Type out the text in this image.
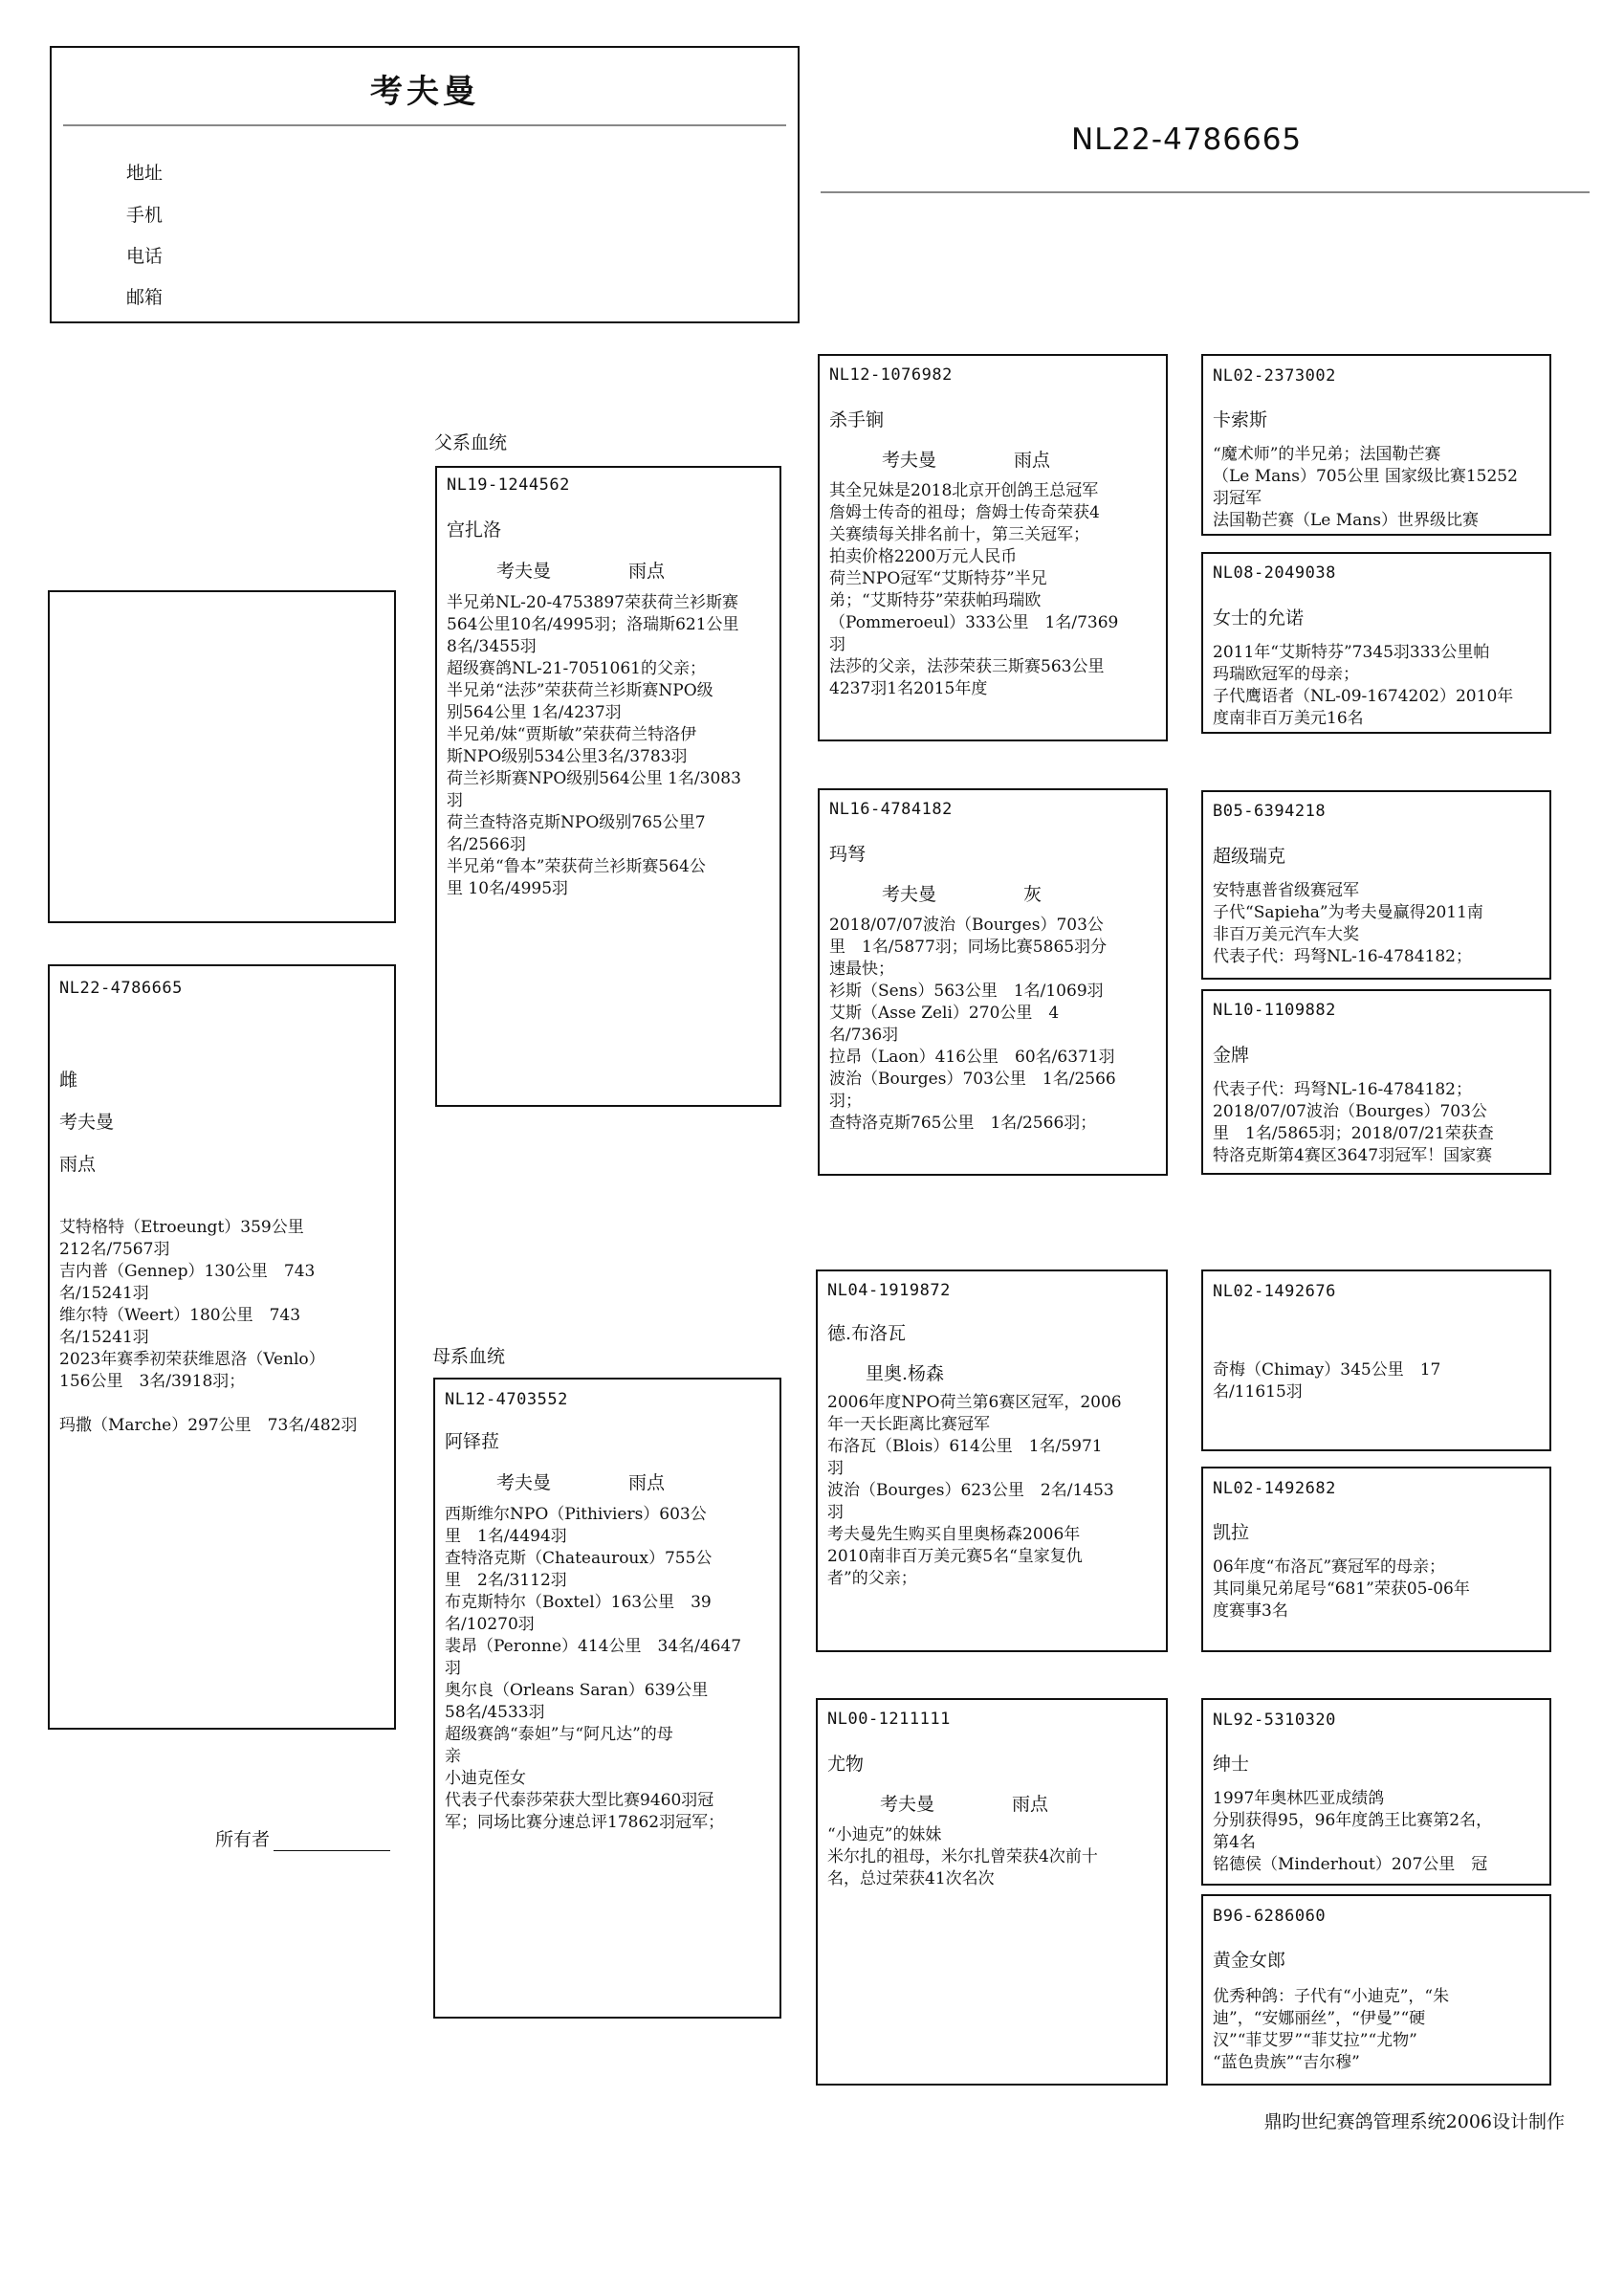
考夫曼
地址
手机
电话
邮箱
NL22-4786665
NL22-4786665
雌
考夫曼
雨点
艾特格特（Etroeungt）359公里
212名/7567羽
吉内普（Gennep）130公里　743
名/15241羽
维尔特（Weert）180公里　743
名/15241羽
2023年赛季初荣获维恩洛（Venlo）
156公里　3名/3918羽；

玛撒（Marche）297公里　73名/482羽
所有者
父系血统
母系血统
NL19-1244562
宫扎洛
考夫曼	雨点
半兄弟NL-20-4753897荣获荷兰衫斯赛
564公里10名/4995羽；洛瑞斯621公里
8名/3455羽
超级赛鸽NL-21-7051061的父亲；
半兄弟“法莎”荣获荷兰衫斯赛NPO级
别564公里 1名/4237羽
半兄弟/妹“贾斯敏”荣获荷兰特洛伊
斯NPO级别534公里3名/3783羽
荷兰衫斯赛NPO级别564公里 1名/3083
羽
荷兰查特洛克斯NPO级别765公里7
名/2566羽
半兄弟“鲁本”荣获荷兰衫斯赛564公
里 10名/4995羽
NL12-4703552
阿铎菈
考夫曼	雨点
西斯维尔NPO（Pithiviers）603公
里　1名/4494羽
查特洛克斯（Chateauroux）755公
里　2名/3112羽
布克斯特尔（Boxtel）163公里　39
名/10270羽
裴昂（Peronne）414公里　34名/4647
羽
奥尔良（Orleans Saran）639公里
58名/4533羽
超级赛鸽“泰妲”与“阿凡达”的母
亲
小迪克侄女
代表子代泰莎荣获大型比赛9460羽冠
军；同场比赛分速总评17862羽冠军；
NL12-1076982
杀手锏
考夫曼	雨点
其全兄妹是2018北京开创鸽王总冠军
詹姆士传奇的祖母；詹姆士传奇荣获4
关赛绩每关排名前十，第三关冠军；
拍卖价格2200万元人民币
荷兰NPO冠军“艾斯特芬”半兄
弟；“艾斯特芬”荣获帕玛瑞欧
（Pommeroeul）333公里　1名/7369
羽
法莎的父亲，法莎荣获三斯赛563公里
4237羽1名2015年度
NL16-4784182
玛弩
考夫曼	灰
2018/07/07波治（Bourges）703公
里　1名/5877羽；同场比赛5865羽分
速最快；
衫斯（Sens）563公里　1名/1069羽
艾斯（Asse Zeli）270公里　4
名/736羽
拉昂（Laon）416公里　60名/6371羽
波治（Bourges）703公里　1名/2566
羽；
查特洛克斯765公里　1名/2566羽；
NL04-1919872
德.布洛瓦
里奥.杨森
2006年度NPO荷兰第6赛区冠军，2006
年一天长距离比赛冠军
布洛瓦（Blois）614公里　1名/5971
羽
波治（Bourges）623公里　2名/1453
羽
考夫曼先生购买自里奥杨森2006年
2010南非百万美元赛5名“皇家复仇
者”的父亲；
NL00-1211111
尤物
考夫曼	雨点
“小迪克”的妹妹
米尔扎的祖母，米尔扎曾荣获4次前十
名，总过荣获41次名次
NL02-2373002
卡索斯
“魔术师”的半兄弟；法国勒芒赛
（Le Mans）705公里 国家级比赛15252
羽冠军
法国勒芒赛（Le Mans）世界级比赛
NL08-2049038
女士的允诺
2011年“艾斯特芬”7345羽333公里帕
玛瑞欧冠军的母亲；
子代鹰语者（NL-09-1674202）2010年
度南非百万美元16名
B05-6394218
超级瑞克
安特惠普省级赛冠军
子代“Sapieha”为考夫曼赢得2011南
非百万美元汽车大奖
代表子代：玛弩NL-16-4784182；
NL10-1109882
金牌
代表子代：玛弩NL-16-4784182；
2018/07/07波治（Bourges）703公
里　1名/5865羽；2018/07/21荣获查
特洛克斯第4赛区3647羽冠军！国家赛
NL02-1492676
奇梅（Chimay）345公里　17
名/11615羽
NL02-1492682
凯拉
06年度“布洛瓦”赛冠军的母亲；
其同巢兄弟尾号“681”荣获05-06年
度赛事3名
NL92-5310320
绅士
1997年奥林匹亚成绩鸽
分别获得95，96年度鸽王比赛第2名，
第4名
铭德侯（Minderhout）207公里　冠
B96-6286060
黄金女郎
优秀种鸽：子代有“小迪克”，“朱
迪”，“安娜丽丝”，“伊曼”“硬
汉”“菲艾罗”“菲艾拉”“尤物”
“蓝色贵族”“吉尔穆”
鼎昀世纪赛鸽管理系统2006设计制作
